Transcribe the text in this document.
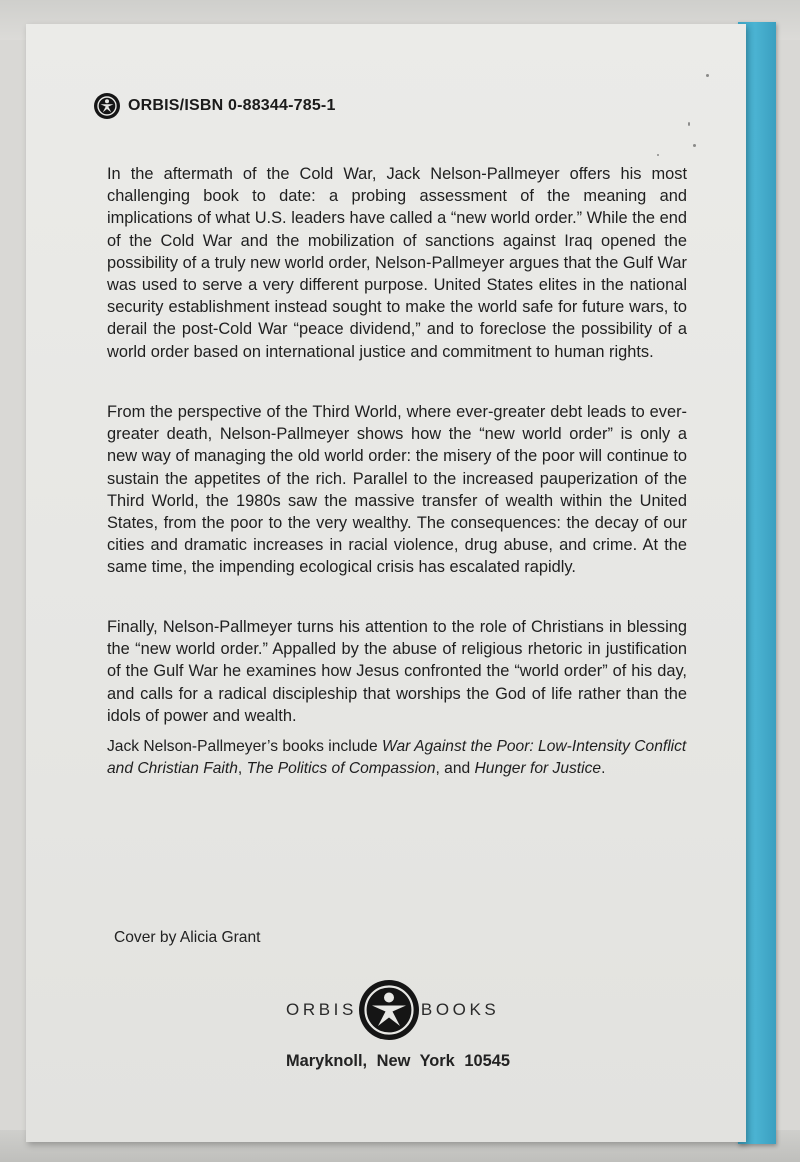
ORBIS/ISBN 0-88344-785-1

In the aftermath of the Cold War, Jack Nelson-Pallmeyer offers his most challenging book to date: a probing assessment of the meaning and implications of what U.S. leaders have called a “new world order.” While the end of the Cold War and the mobilization of sanctions against Iraq opened the possibility of a truly new world order, Nelson-Pallmeyer argues that the Gulf War was used to serve a very different purpose. United States elites in the national security establishment instead sought to make the world safe for future wars, to derail the post-Cold War “peace dividend,” and to foreclose the possibility of a world order based on international justice and commitment to human rights.

From the perspective of the Third World, where ever-greater debt leads to ever-greater death, Nelson-Pallmeyer shows how the “new world order” is only a new way of managing the old world order: the misery of the poor will continue to sustain the appetites of the rich. Parallel to the increased pauperization of the Third World, the 1980s saw the massive transfer of wealth within the United States, from the poor to the very wealthy. The consequences: the decay of our cities and dramatic increases in racial violence, drug abuse, and crime. At the same time, the impending ecological crisis has escalated rapidly.

Finally, Nelson-Pallmeyer turns his attention to the role of Christians in blessing the “new world order.” Appalled by the abuse of religious rhetoric in justification of the Gulf War he examines how Jesus confronted the “world order” of his day, and calls for a radical discipleship that worships the God of life rather than the idols of power and wealth.

Jack Nelson-Pallmeyer’s books include War Against the Poor: Low-Intensity Conflict and Christian Faith, The Politics of Compassion, and Hunger for Justice.

Cover by Alicia Grant
ORBIS	BOOKS
Maryknoll, New York 10545
